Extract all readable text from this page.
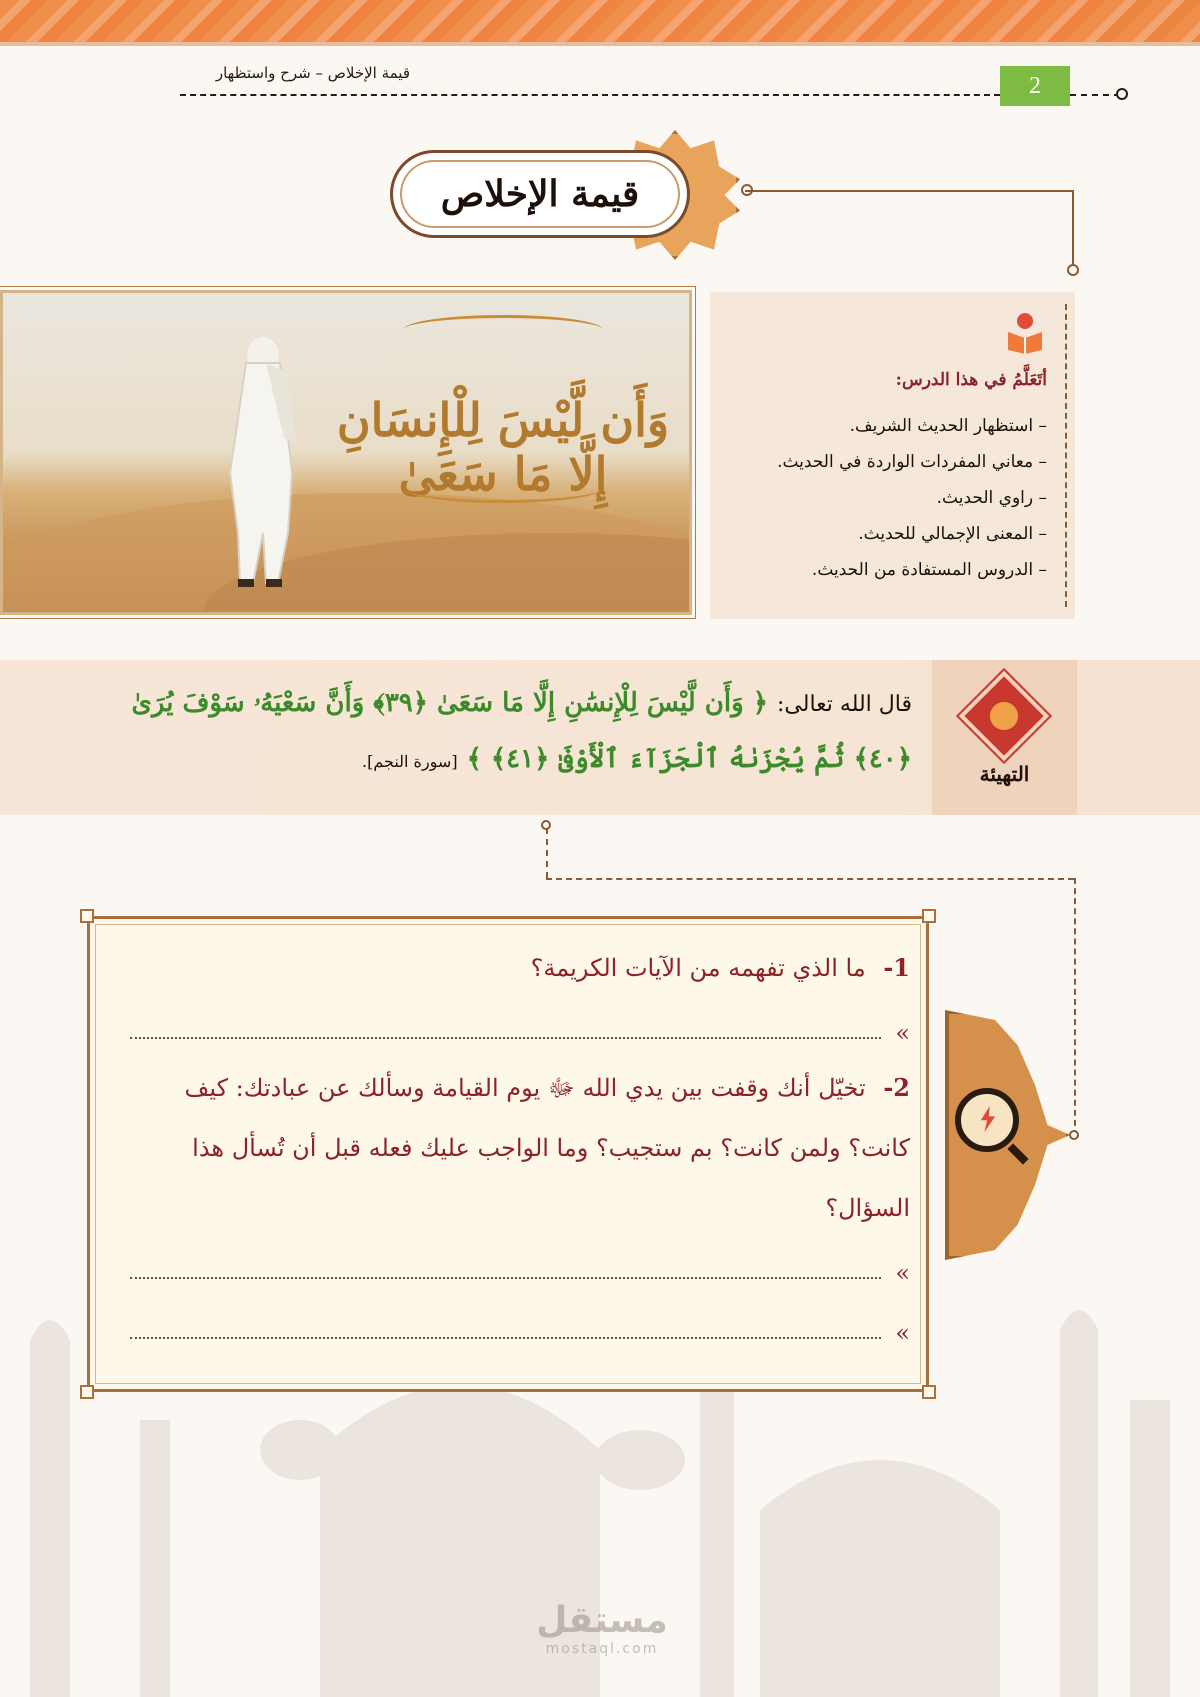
قيمة الإخلاص – شرح واستظهار	2
قيمة الإخلاص
وَأَن لَّيْسَ لِلْإِنسَانِ إِلَّا مَا سَعَىٰ
أتَعَلَّمُ في هذا الدرس:
– استظهار الحديث الشريف.
– معاني المفردات الواردة في الحديث.
– راوي الحديث.
– المعنى الإجمالي للحديث.
– الدروس المستفادة من الحديث.
التهيئة
قال الله تعالى: ﴿ وَأَن لَّيْسَ لِلْإِنسَٰنِ إِلَّا مَا سَعَىٰ ﴿٣٩﴾ وَأَنَّ سَعْيَهُۥ سَوْفَ يُرَىٰ
﴿٤٠﴾ ثُمَّ يُجْزَىٰهُ ٱلْجَزَآءَ ٱلْأَوْفَىٰ ﴿٤١﴾ ﴾ [سورة النجم].
1- ما الذي تفهمه من الآيات الكريمة؟
»
2- تخيّل أنك وقفت بين يدي الله ﷻ يوم القيامة وسألك عن عبادتك: كيف كانت؟ ولمن كانت؟ بم ستجيب؟ وما الواجب عليك فعله قبل أن تُسأل هذا السؤال؟
»
»
مستقل
mostaql.com
